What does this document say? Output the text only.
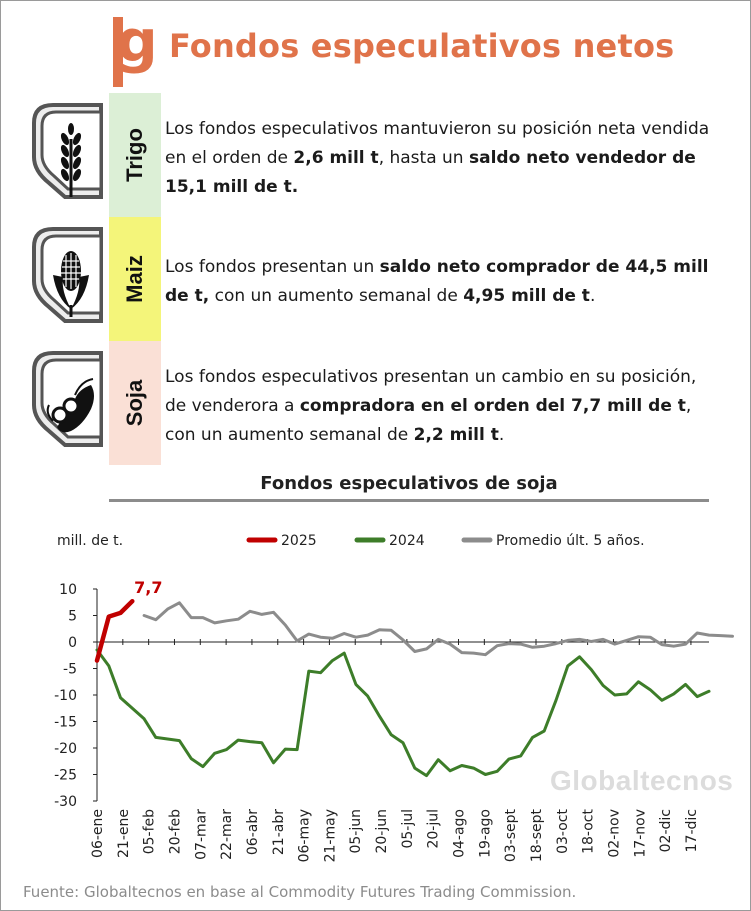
g Fondos especulativos netos
Trigo Los fondos especulativos mantuvieron su posición neta vendida en el orden de 2,6 mill t, hasta un saldo neto vendedor de 15,1 mill de t.
Maiz Los fondos presentan un saldo neto comprador de 44,5 mill de t, con un aumento semanal de 4,95 mill de t.
Soja
Los fondos especulativos presentan un cambio en su posición, de venderora a compradora en el orden del 7,7 mill de t, con un aumento semanal de 2,2 mill t.
Fondos especulativos de soja
mill. de t.	2025	2024	Promedio últ. 5 años.
10
5
0
-5
-10
-15
-20
-25
-30
06-ene 21-ene 05-feb 20-feb 07-mar 22-mar 06-abr 21-abr 06-may 21-may 05-jun 20-jun 05-jul 20-jul 04-ago 19-ago 03-sept 18-sept 03-oct 18-oct 02-nov 17-nov 02-dic 17-dic
7,7
Globaltecnos
Fuente: Globaltecnos en base al Commodity Futures Trading Commission.
